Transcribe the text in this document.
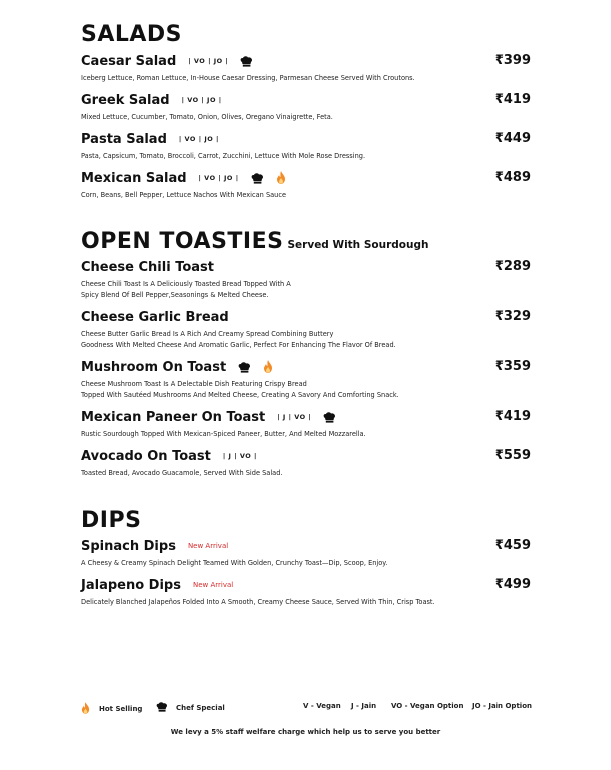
SALADS
Caesar Salad | VO | JO |	₹399
Iceberg Lettuce, Roman Lettuce, In-House Caesar Dressing, Parmesan Cheese Served With Croutons.
Greek Salad | VO | JO |	₹419
Mixed Lettuce, Cucumber, Tomato, Onion, Olives, Oregano Vinaigrette, Feta.
Pasta Salad | VO | JO |	₹449
Pasta, Capsicum, Tomato, Broccoli, Carrot, Zucchini, Lettuce With Mole Rose Dressing.
Mexican Salad | VO | JO |	₹489
Corn, Beans, Bell Pepper, Lettuce Nachos With Mexican Sauce
OPEN TOASTIES Served With Sourdough
Cheese Chili Toast	₹289
Cheese Chili Toast Is A Deliciously Toasted Bread Topped With A
Spicy Blend Of Bell Pepper,Seasonings & Melted Cheese.
Cheese Garlic Bread	₹329
Cheese Butter Garlic Bread Is A Rich And Creamy Spread Combining Buttery
Goodness With Melted Cheese And Aromatic Garlic, Perfect For Enhancing The Flavor Of Bread.
Mushroom On Toast	₹359
Cheese Mushroom Toast Is A Delectable Dish Featuring Crispy Bread
Topped With Sautéed Mushrooms And Melted Cheese, Creating A Savory And Comforting Snack.
Mexican Paneer On Toast | J | VO |	₹419
Rustic Sourdough Topped With Mexican-Spiced Paneer, Butter, And Melted Mozzarella.
Avocado On Toast | J | VO |	₹559
Toasted Bread, Avocado Guacamole, Served With Side Salad.
DIPS
Spinach Dips New Arrival	₹459
A Cheesy & Creamy Spinach Delight Teamed With Golden, Crunchy Toast—Dip, Scoop, Enjoy.
Jalapeno Dips New Arrival	₹499
Delicately Blanched Jalapeños Folded Into A Smooth, Creamy Cheese Sauce, Served With Thin, Crisp Toast.
Hot Selling	Chef Special	V - Vegan J - Jain VO - Vegan Option JO - Jain Option
We levy a 5% staff welfare charge which help us to serve you better
